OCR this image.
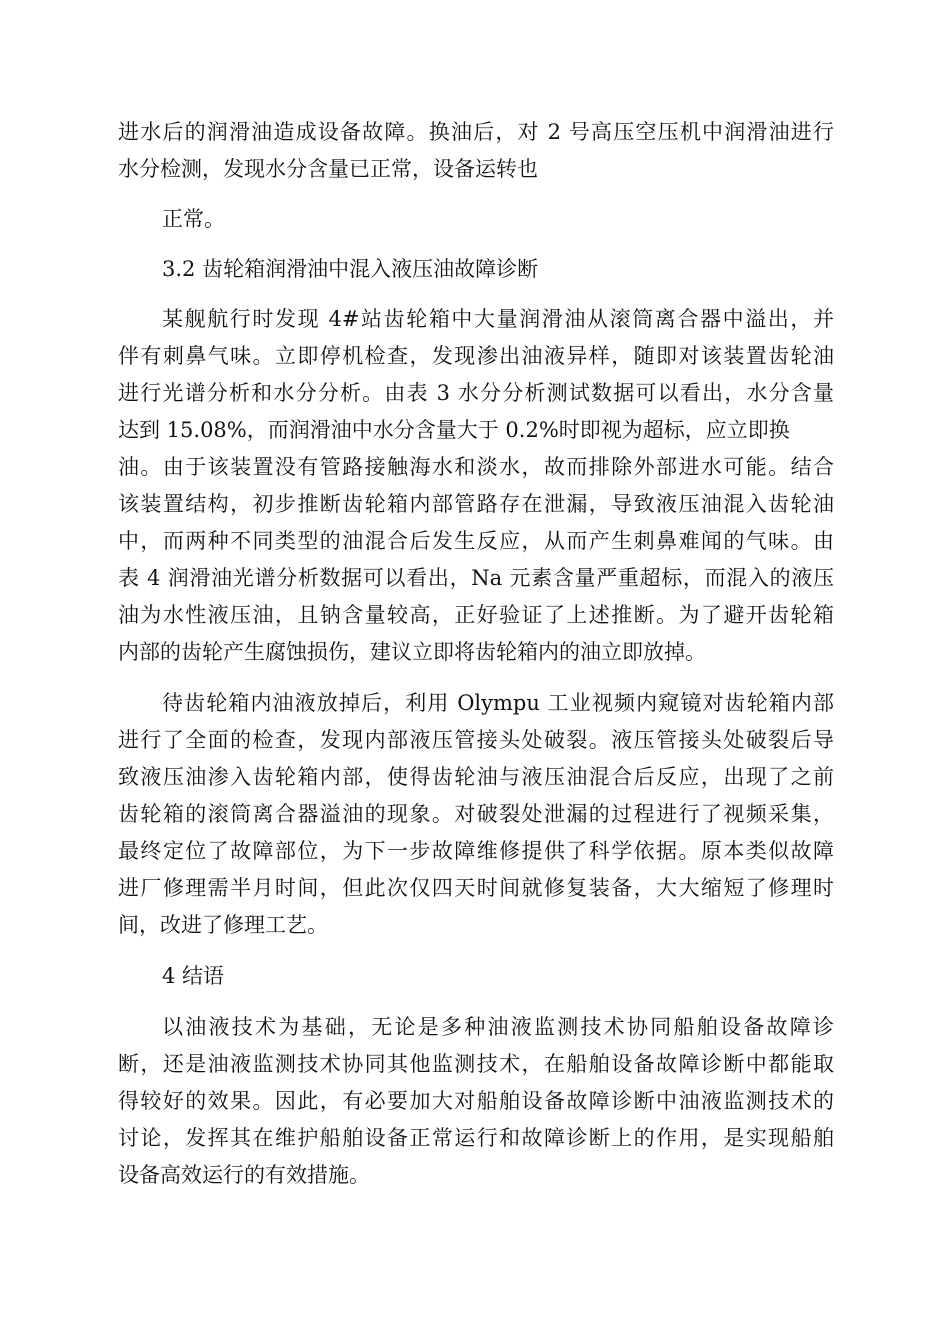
进水后的润滑油造成设备故障。换油后，对 2 号高压空压机中润滑油进行
水分检测，发现水分含量已正常，设备运转也
正常。
3.2 齿轮箱润滑油中混入液压油故障诊断
某舰航行时发现 4#站齿轮箱中大量润滑油从滚筒离合器中溢出，并
伴有刺鼻气味。立即停机检查，发现渗出油液异样，随即对该装置齿轮油
进行光谱分析和水分分析。由表 3 水分分析测试数据可以看出，水分含量
达到 15.08%，而润滑油中水分含量大于 0.2%时即视为超标，应立即换
油。由于该装置没有管路接触海水和淡水，故而排除外部进水可能。结合
该装置结构，初步推断齿轮箱内部管路存在泄漏，导致液压油混入齿轮油
中，而两种不同类型的油混合后发生反应，从而产生刺鼻难闻的气味。由
表 4 润滑油光谱分析数据可以看出，Na 元素含量严重超标，而混入的液压
油为水性液压油，且钠含量较高，正好验证了上述推断。为了避开齿轮箱
内部的齿轮产生腐蚀损伤，建议立即将齿轮箱内的油立即放掉。
待齿轮箱内油液放掉后，利用 Olympu 工业视频内窥镜对齿轮箱内部
进行了全面的检查，发现内部液压管接头处破裂。液压管接头处破裂后导
致液压油渗入齿轮箱内部，使得齿轮油与液压油混合后反应，出现了之前
齿轮箱的滚筒离合器溢油的现象。对破裂处泄漏的过程进行了视频采集，
最终定位了故障部位，为下一步故障维修提供了科学依据。原本类似故障
进厂修理需半月时间，但此次仅四天时间就修复装备，大大缩短了修理时
间，改进了修理工艺。
4 结语
以油液技术为基础，无论是多种油液监测技术协同船舶设备故障诊
断，还是油液监测技术协同其他监测技术，在船舶设备故障诊断中都能取
得较好的效果。因此，有必要加大对船舶设备故障诊断中油液监测技术的
讨论，发挥其在维护船舶设备正常运行和故障诊断上的作用，是实现船舶
设备高效运行的有效措施。
